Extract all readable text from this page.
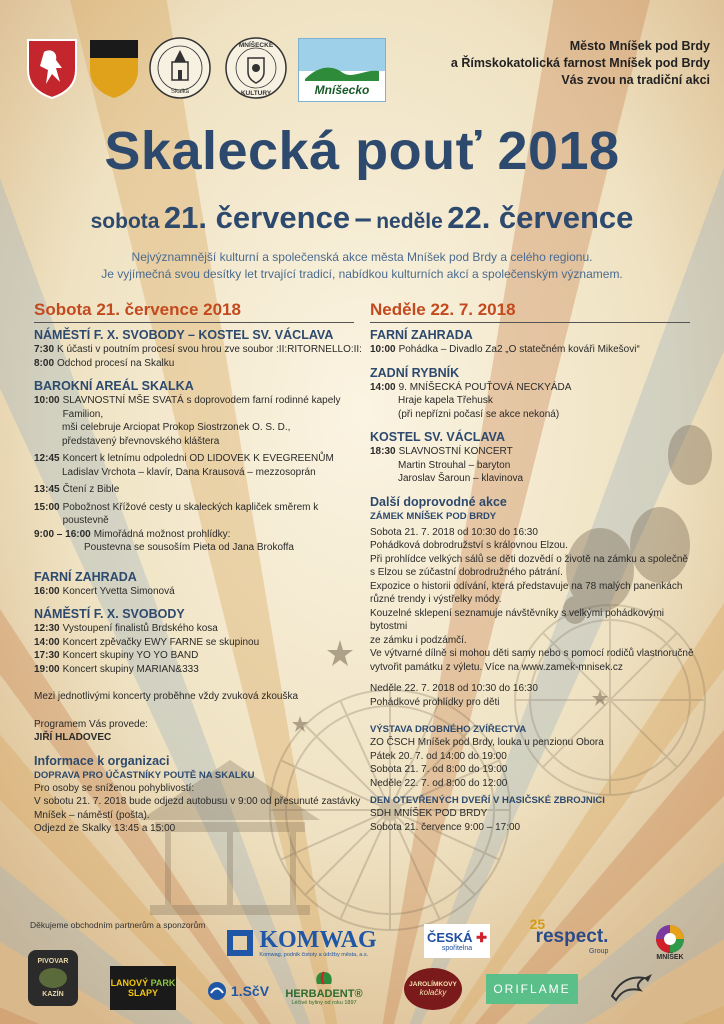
Skalka
MNÍŠECKÉ
KULTURY	Mníšecko
Město Mníšek pod Brdy
a Římskokatolická farnost Mníšek pod Brdy
Vás zvou na tradiční akci
Skalecká pouť 2018
sobota 21. července – neděle 22. července
Nejvýznamnější kulturní a společenská akce města Mníšek pod Brdy a celého regionu.
Je vyjímečná svou desítky let trvající tradicí, nabídkou kulturních akcí a společenským významem.
Sobota 21. července 2018
NÁMĚSTÍ F. X. SVOBODY – KOSTEL SV. VÁCLAVA
7:30 K účasti v poutním procesí svou hrou zve soubor :II:RITORNELLO:II:
8:00 Odchod procesí na Skalku
BAROKNÍ AREÁL SKALKA
10:00 SLAVNOSTNÍ MŠE SVATÁ s doprovodem farní rodinné kapely Familion,
mši celebruje Arciopat Prokop Siostrzonek O. S. D.,
představený břevnovského kláštera
12:45 Koncert k letnímu odpoledni OD LIDOVEK K EVEGREENŮM
Ladislav Vrchota – klavír, Dana Krausová – mezzosoprán
13:45 Čtení z Bible
15:00 Pobožnost Křížové cesty u skaleckých kapliček směrem k poustevně
9:00 – 16:00 Mimořádná možnost prohlídky:
Poustevna se sousoším Pieta od Jana Brokoffa
FARNÍ ZAHRADA
16:00 Koncert Yvetta Simonová
NÁMĚSTÍ F. X. SVOBODY
12:30 Vystoupení finalistů Brdského kosa
14:00 Koncert zpěvačky EWY FARNE se skupinou
17:30 Koncert skupiny YO YO BAND
19:00 Koncert skupiny MARIAN&333
Mezi jednotlivými koncerty proběhne vždy zvuková zkouška
Programem Vás provede:
JIŘÍ HLADOVEC
Informace k organizaci
DOPRAVA PRO ÚČASTNÍKY POUTĚ NA SKALKU
Pro osoby se sníženou pohyblivostí:
V sobotu 21. 7. 2018 bude odjezd autobusu v 9:00 od přesunuté zastávky
Mníšek – náměstí (pošta).
Odjezd ze Skalky 13:45 a 15:00
Neděle 22. 7. 2018
FARNÍ ZAHRADA
10:00 Pohádka – Divadlo Za2 „O statečném kováři Mikešovi“
ZADNÍ RYBNÍK
14:00 9. MNÍŠECKÁ POUŤOVÁ NECKYÁDA
Hraje kapela Třehusk
(při nepřízni počasí se akce nekoná)
KOSTEL SV. VÁCLAVA
18:30 SLAVNOSTNÍ KONCERT
Martin Strouhal – baryton
Jaroslav Šaroun – klavinova
Další doprovodné akce
ZÁMEK MNÍŠEK POD BRDY
Sobota 21. 7. 2018 od 10:30 do 16:30
Pohádková dobrodružství s královnou Elzou.
Při prohlídce velkých sálů se děti dozvědí o životě na zámku a společně
s Elzou se zúčastní dobrodružného pátrání.
Expozice o historii odívání, která představuje na 78 malých panenkách
různé trendy i výstřelky módy.
Kouzelné sklepení seznamuje návštěvníky s velkými pohádkovými bytostmi
ze zámku i podzámčí.
Ve výtvarné dílně si mohou děti samy nebo s pomocí rodičů vlastnoručně
vytvořit památku z výletu. Více na www.zamek-mnisek.cz
Neděle 22. 7. 2018 od 10:30 do 16:30
Pohádkové prohlídky pro děti
VÝSTAVA DROBNÉHO ZVÍŘECTVA
ZO ČSCH Mníšek pod Brdy, louka u penzionu Obora
Pátek 20. 7. od 14:00 do 19:00
Sobota 21. 7. od 8:00 do 19:00
Neděle 22. 7. od 8:00 do 12:00
DEN OTEVŘENÝCH DVEŘÍ V HASIČSKÉ ZBROJNICI
SDH MNÍŠEK POD BRDY
Sobota 21. července 9:00 – 17:00
Děkujeme obchodním partnerům a sponzorům
KOMWAG
Komwag, podnik čistoty a údržby města, a.s.
ČESKÁ ✚
spořitelna
25
respect.
Group
MNÍŠEK
PIVOVAR
KAZÍN
LANOVÝ PARK
SLAPY	1.SčV HERBADENT®
Léčivé byliny od roku 1897
JAROLÍMKOVY
kolačky	ORIFLAME
